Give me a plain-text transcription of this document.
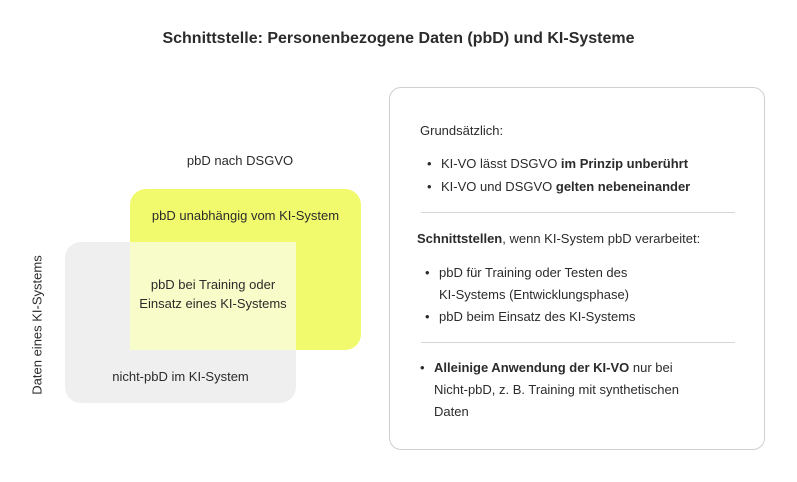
Schnittstelle: Personenbezogene Daten (pbD) und KI-Systeme
Daten eines KI-Systems
pbD nach DSGVO
pbD unabhängig vom KI-System
pbD bei Training oder
Einsatz eines KI-Systems
nicht-pbD im KI-System
Grundsätzlich:
• KI-VO lässt DSGVO im Prinzip unberührt
• KI-VO und DSGVO gelten nebeneinander
Schnittstellen, wenn KI-System pbD verarbeitet:
• pbD für Training oder Testen des
KI-Systems (Entwicklungsphase)
• pbD beim Einsatz des KI-Systems
• Alleinige Anwendung der KI-VO nur bei
Nicht-pbD, z. B. Training mit synthetischen
Daten
